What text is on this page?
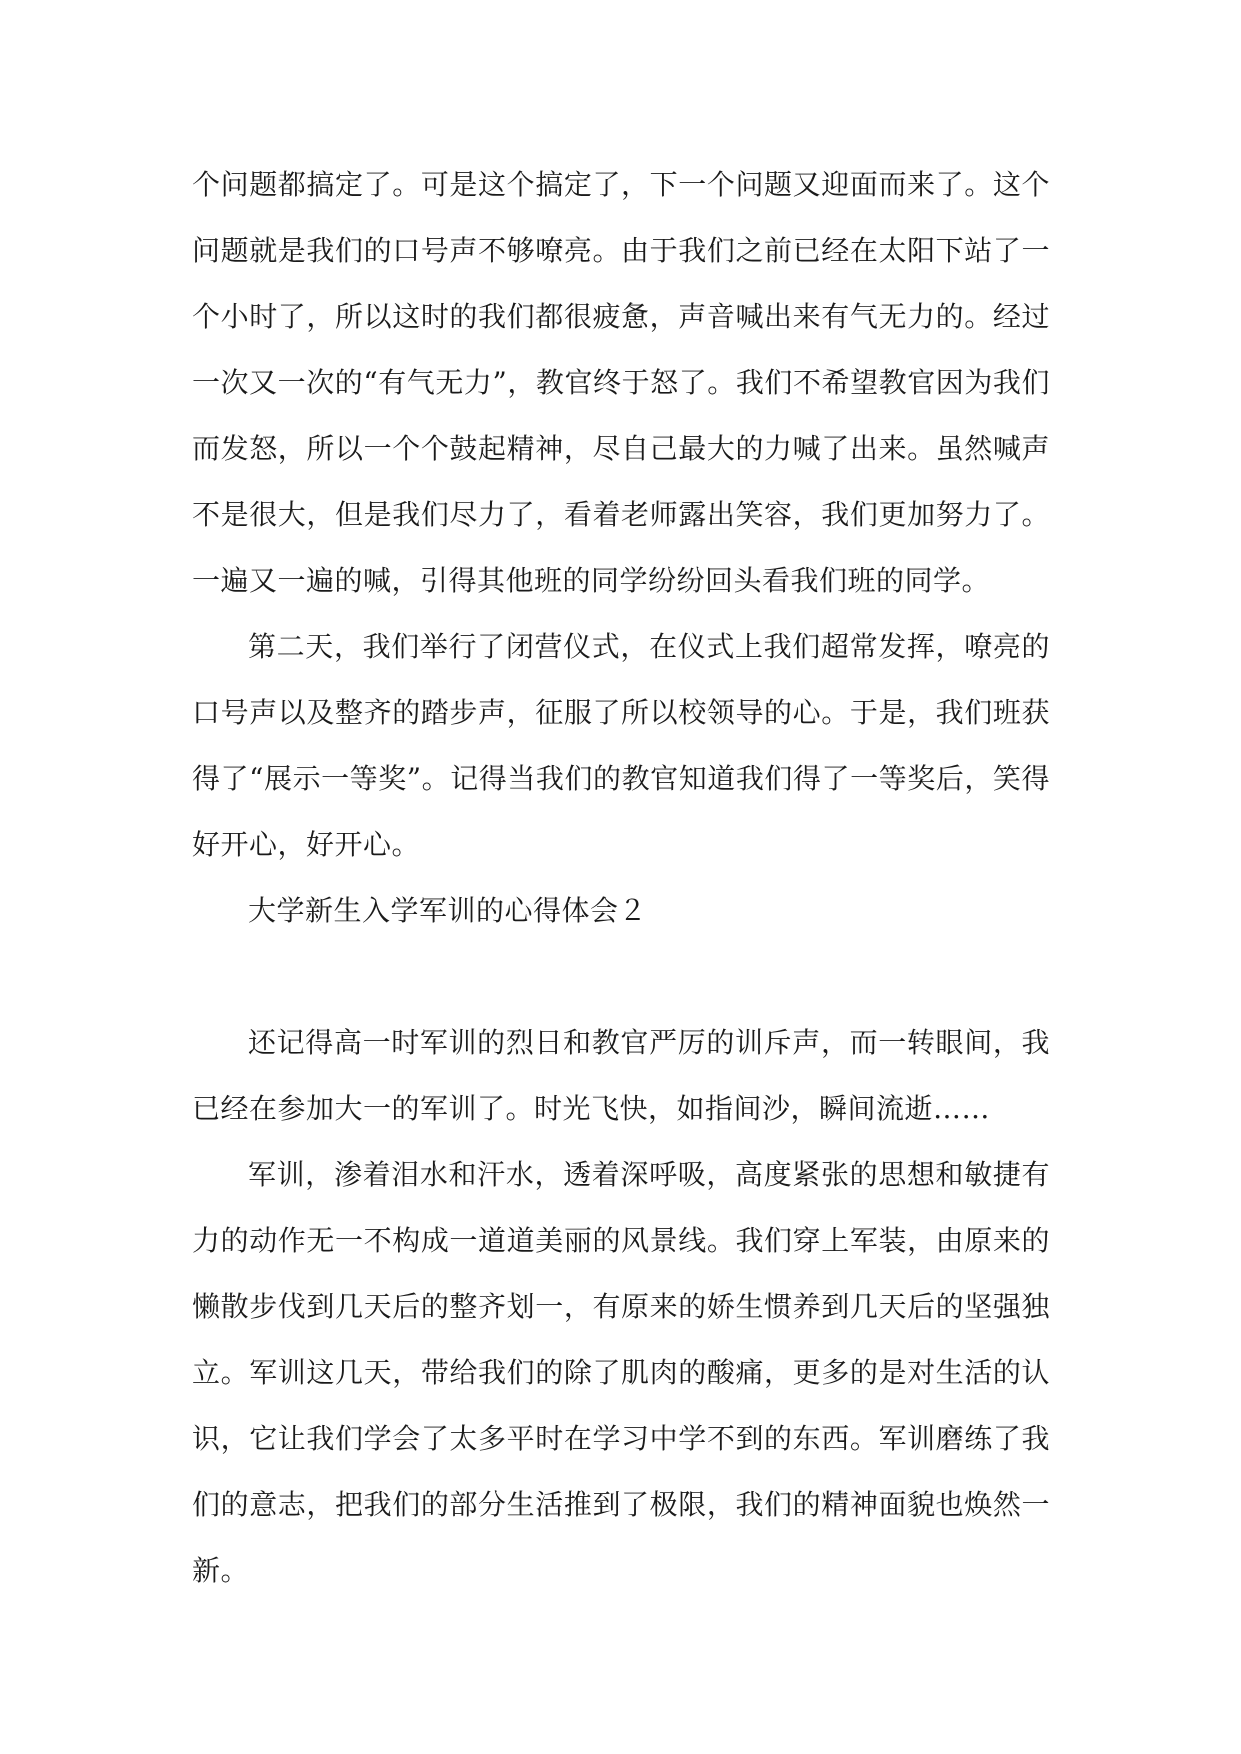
个问题都搞定了。可是这个搞定了，下一个问题又迎面而来了。这个问题就是我们的口号声不够嘹亮。由于我们之前已经在太阳下站了一个小时了，所以这时的我们都很疲惫，声音喊出来有气无力的。经过一次又一次的“有气无力”，教官终于怒了。我们不希望教官因为我们而发怒，所以一个个鼓起精神，尽自己最大的力喊了出来。虽然喊声不是很大，但是我们尽力了，看着老师露出笑容，我们更加努力了。一遍又一遍的喊，引得其他班的同学纷纷回头看我们班的同学。

第二天，我们举行了闭营仪式，在仪式上我们超常发挥，嘹亮的口号声以及整齐的踏步声，征服了所以校领导的心。于是，我们班获得了“展示一等奖”。记得当我们的教官知道我们得了一等奖后，笑得好开心，好开心。

大学新生入学军训的心得体会２

还记得高一时军训的烈日和教官严厉的训斥声，而一转眼间，我已经在参加大一的军训了。时光飞快，如指间沙，瞬间流逝……

军训，渗着泪水和汗水，透着深呼吸，高度紧张的思想和敏捷有力的动作无一不构成一道道美丽的风景线。我们穿上军装，由原来的懒散步伐到几天后的整齐划一，有原来的娇生惯养到几天后的坚强独立。军训这几天，带给我们的除了肌肉的酸痛，更多的是对生活的认识，它让我们学会了太多平时在学习中学不到的东西。军训磨练了我们的意志，把我们的部分生活推到了极限，我们的精神面貌也焕然一新。
